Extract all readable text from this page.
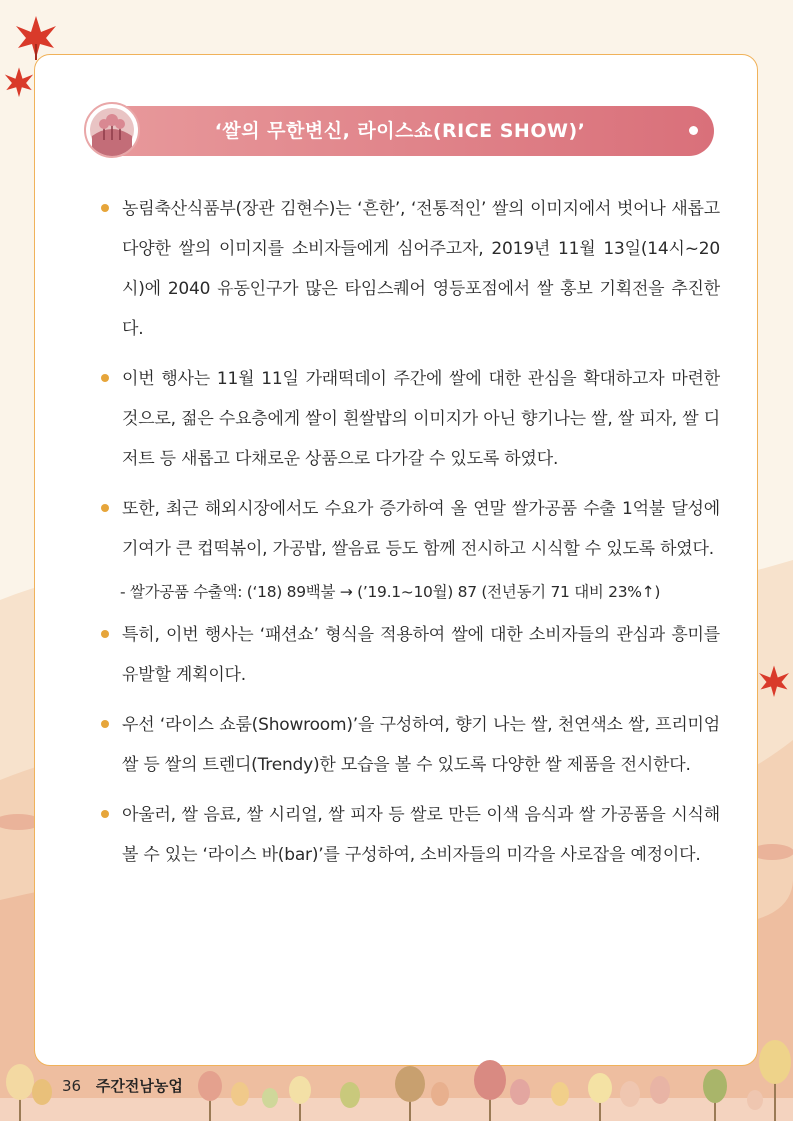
‘쌀의 무한변신, 라이스쇼(RICE SHOW)’
농림축산식품부(장관 김현수)는 ‘흔한’, ‘전통적인’ 쌀의 이미지에서 벗어나 새롭고 다양한 쌀의 이미지를 소비자들에게 심어주고자, 2019년 11월 13일(14시~20시)에 2040 유동인구가 많은 타임스퀘어 영등포점에서 쌀 홍보 기획전을 추진한다.
이번 행사는 11월 11일 가래떡데이 주간에 쌀에 대한 관심을 확대하고자 마련한 것으로, 젊은 수요층에게 쌀이 흰쌀밥의 이미지가 아닌 향기나는 쌀, 쌀 피자, 쌀 디저트 등 새롭고 다채로운 상품으로 다가갈 수 있도록 하였다.
또한, 최근 해외시장에서도 수요가 증가하여 올 연말 쌀가공품 수출 1억불 달성에 기여가 큰 컵떡볶이, 가공밥, 쌀음료 등도 함께 전시하고 시식할 수 있도록 하였다.
- 쌀가공품 수출액: (‘18) 89백불 → (’19.1~10월) 87 (전년동기 71 대비 23%↑)
특히, 이번 행사는 ‘패션쇼’ 형식을 적용하여 쌀에 대한 소비자들의 관심과 흥미를 유발할 계획이다.
우선 ‘라이스 쇼룸(Showroom)’을 구성하여, 향기 나는 쌀, 천연색소 쌀, 프리미엄 쌀 등 쌀의 트렌디(Trendy)한 모습을 볼 수 있도록 다양한 쌀 제품을 전시한다.
아울러, 쌀 음료, 쌀 시리얼, 쌀 피자 등 쌀로 만든 이색 음식과 쌀 가공품을 시식해 볼 수 있는 ‘라이스 바(bar)’를 구성하여, 소비자들의 미각을 사로잡을 예정이다.
36 주간전남농업
